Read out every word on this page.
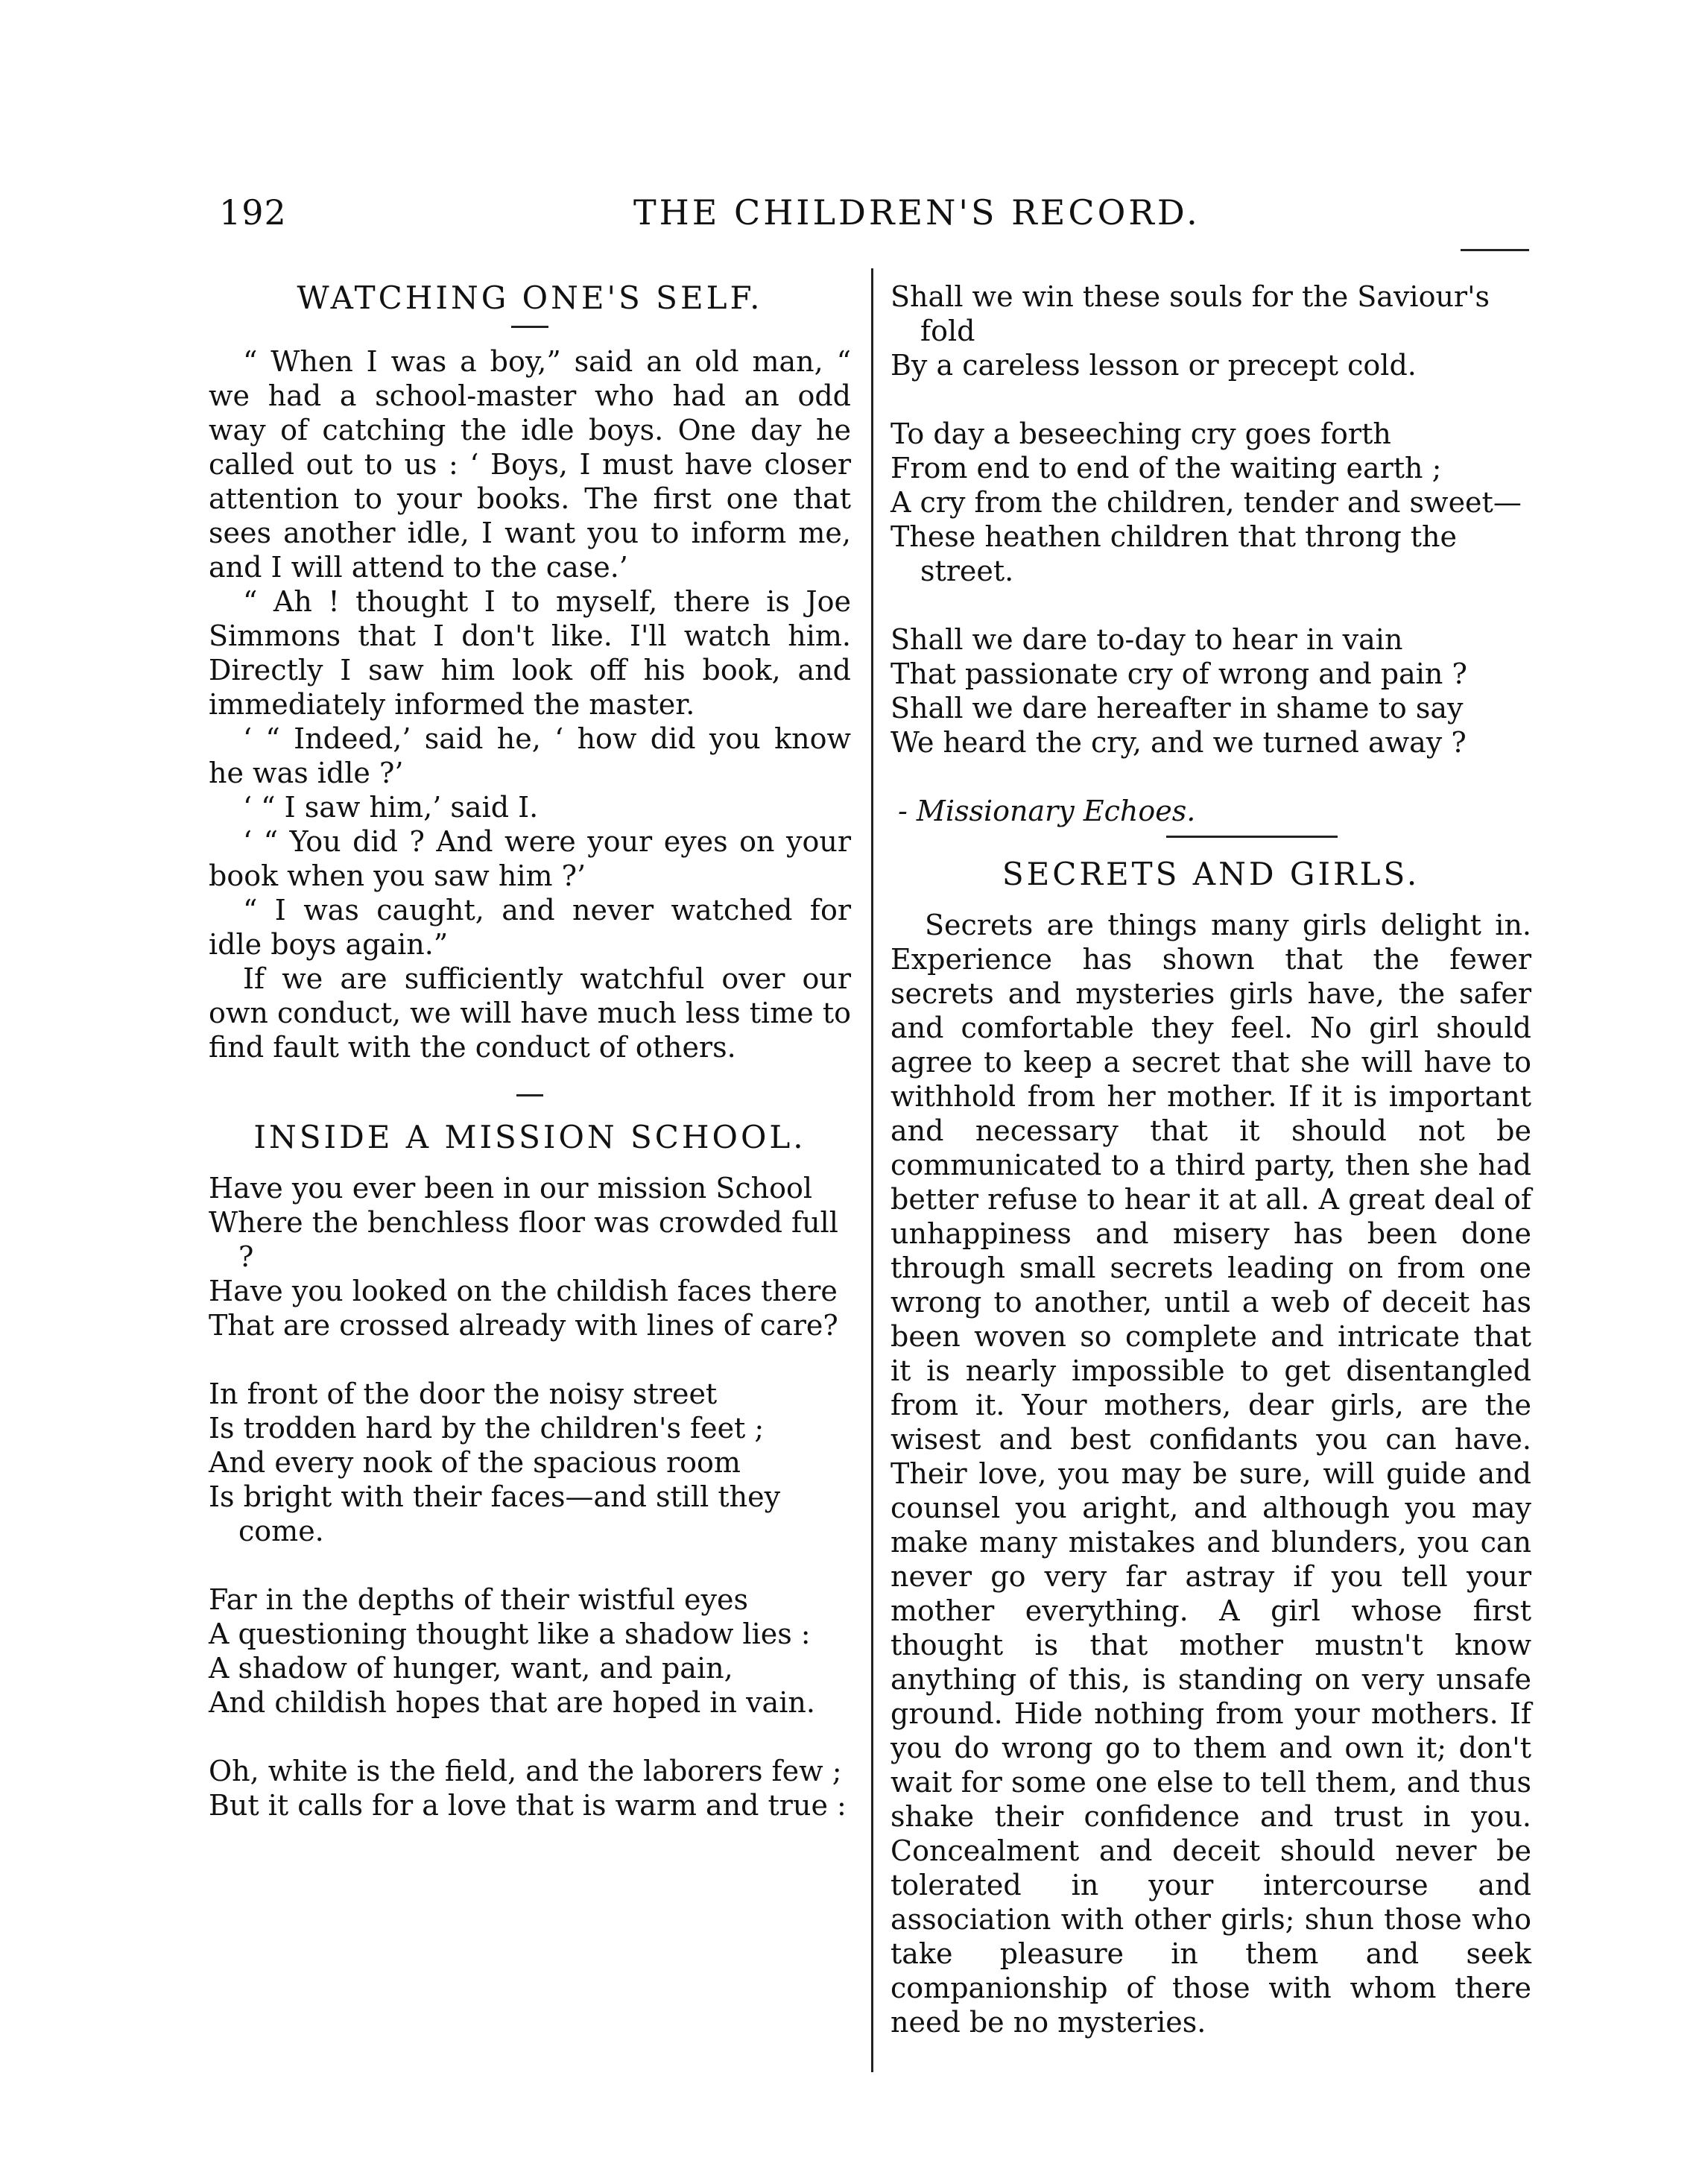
192	THE CHILDREN'S RECORD.
WATCHING ONE'S SELF.

“ When I was a boy,” said an old man, “ we had a school-master who had an odd way of catching the idle boys. One day he called out to us : ‘ Boys, I must have closer attention to your books. The first one that sees another idle, I want you to inform me, and I will attend to the case.’

“ Ah ! thought I to myself, there is Joe Simmons that I don't like. I'll watch him. Directly I saw him look off his book, and immediately informed the master.

‘ “ Indeed,’ said he, ‘ how did you know he was idle ?’

‘ “ I saw him,’ said I.

‘ “ You did ? And were your eyes on your book when you saw him ?’

“ I was caught, and never watched for idle boys again.”

If we are sufficiently watchful over our own conduct, we will have much less time to find fault with the conduct of others.

INSIDE A MISSION SCHOOL.
Have you ever been in our mission School
Where the benchless floor was crowded full ?
Have you looked on the childish faces there
That are crossed already with lines of care?
In front of the door the noisy street
Is trodden hard by the children's feet ;
And every nook of the spacious room
Is bright with their faces—and still they come.
Far in the depths of their wistful eyes
A questioning thought like a shadow lies :
A shadow of hunger, want, and pain,
And childish hopes that are hoped in vain.
Oh, white is the field, and the laborers few ;
But it calls for a love that is warm and true :
Shall we win these souls for the Saviour's fold
By a careless lesson or precept cold.
To day a beseeching cry goes forth
From end to end of the waiting earth ;
A cry from the children, tender and sweet—
These heathen children that throng the street.
Shall we dare to-day to hear in vain
That passionate cry of wrong and pain ?
Shall we dare hereafter in shame to say
We heard the cry, and we turned away ?
- Missionary Echoes.
SECRETS AND GIRLS.

Secrets are things many girls delight in. Experience has shown that the fewer secrets and mysteries girls have, the safer and comfortable they feel. No girl should agree to keep a secret that she will have to withhold from her mother. If it is important and necessary that it should not be communicated to a third party, then she had better refuse to hear it at all. A great deal of unhappiness and misery has been done through small secrets leading on from one wrong to another, until a web of deceit has been woven so complete and intricate that it is nearly impossible to get disentangled from it. Your mothers, dear girls, are the wisest and best confidants you can have. Their love, you may be sure, will guide and counsel you aright, and although you may make many mistakes and blunders, you can never go very far astray if you tell your mother everything. A girl whose first thought is that mother mustn't know anything of this, is standing on very unsafe ground. Hide nothing from your mothers. If you do wrong go to them and own it; don't wait for some one else to tell them, and thus shake their confidence and trust in you. Concealment and deceit should never be tolerated in your intercourse and association with other girls; shun those who take pleasure in them and seek companionship of those with whom there need be no mysteries.
